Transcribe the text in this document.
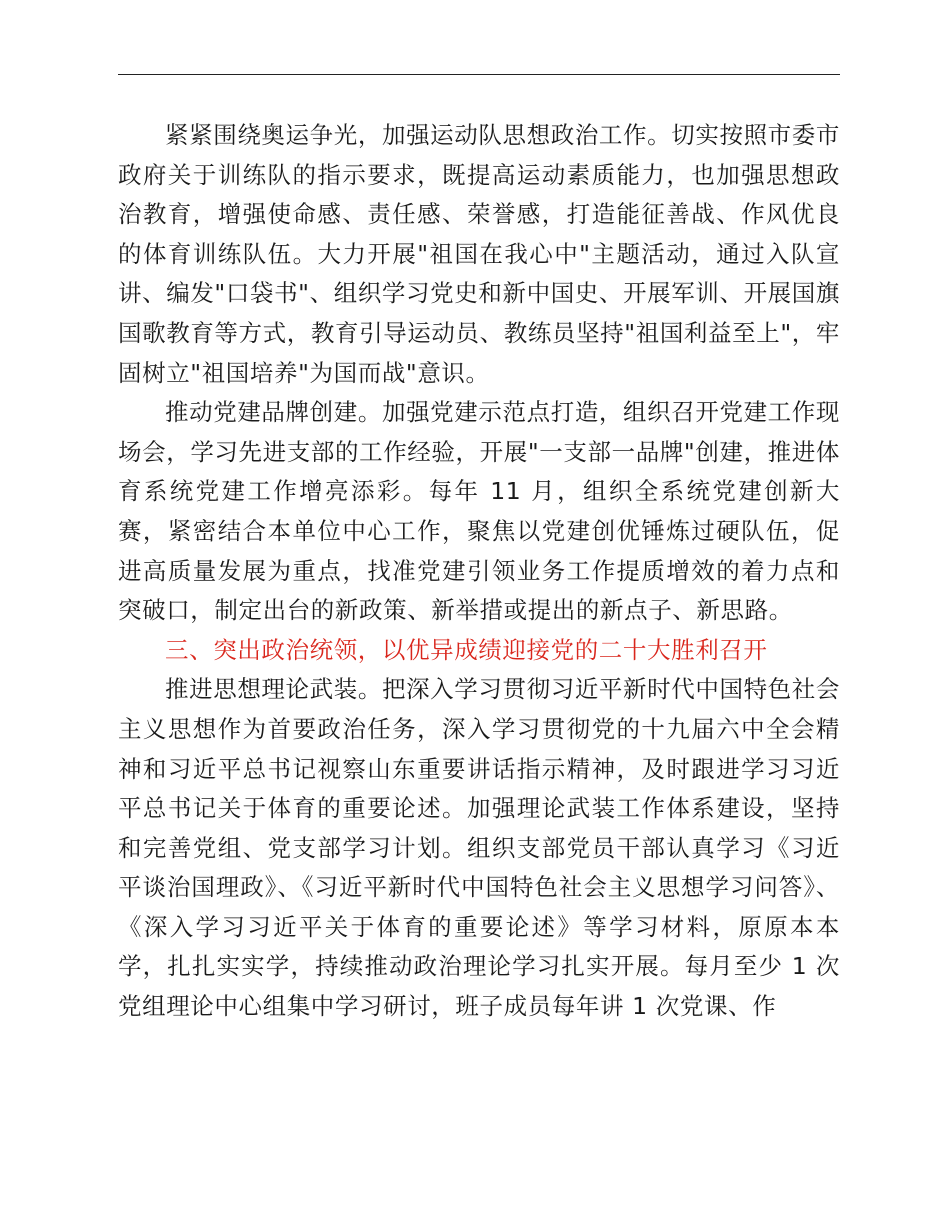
紧紧围绕奥运争光，加强运动队思想政治工作。切实按照市委市政府关于训练队的指示要求，既提高运动素质能力，也加强思想政治教育，增强使命感、责任感、荣誉感，打造能征善战、作风优良的体育训练队伍。大力开展"祖国在我心中"主题活动，通过入队宣讲、编发"口袋书"、组织学习党史和新中国史、开展军训、开展国旗国歌教育等方式，教育引导运动员、教练员坚持"祖国利益至上"，牢固树立"祖国培养"为国而战"意识。

推动党建品牌创建。加强党建示范点打造，组织召开党建工作现场会，学习先进支部的工作经验，开展"一支部一品牌"创建，推进体育系统党建工作增亮添彩。每年 11 月，组织全系统党建创新大赛，紧密结合本单位中心工作，聚焦以党建创优锤炼过硬队伍，促进高质量发展为重点，找准党建引领业务工作提质增效的着力点和突破口，制定出台的新政策、新举措或提出的新点子、新思路。

三、突出政治统领，以优异成绩迎接党的二十大胜利召开

推进思想理论武装。把深入学习贯彻习近平新时代中国特色社会主义思想作为首要政治任务，深入学习贯彻党的十九届六中全会精神和习近平总书记视察山东重要讲话指示精神，及时跟进学习习近平总书记关于体育的重要论述。加强理论武装工作体系建设，坚持和完善党组、党支部学习计划。组织支部党员干部认真学习《习近平谈治国理政》、《习近平新时代中国特色社会主义思想学习问答》、《深入学习习近平关于体育的重要论述》等学习材料，原原本本学，扎扎实实学，持续推动政治理论学习扎实开展。每月至少 1 次党组理论中心组集中学习研讨，班子成员每年讲 1 次党课、作
